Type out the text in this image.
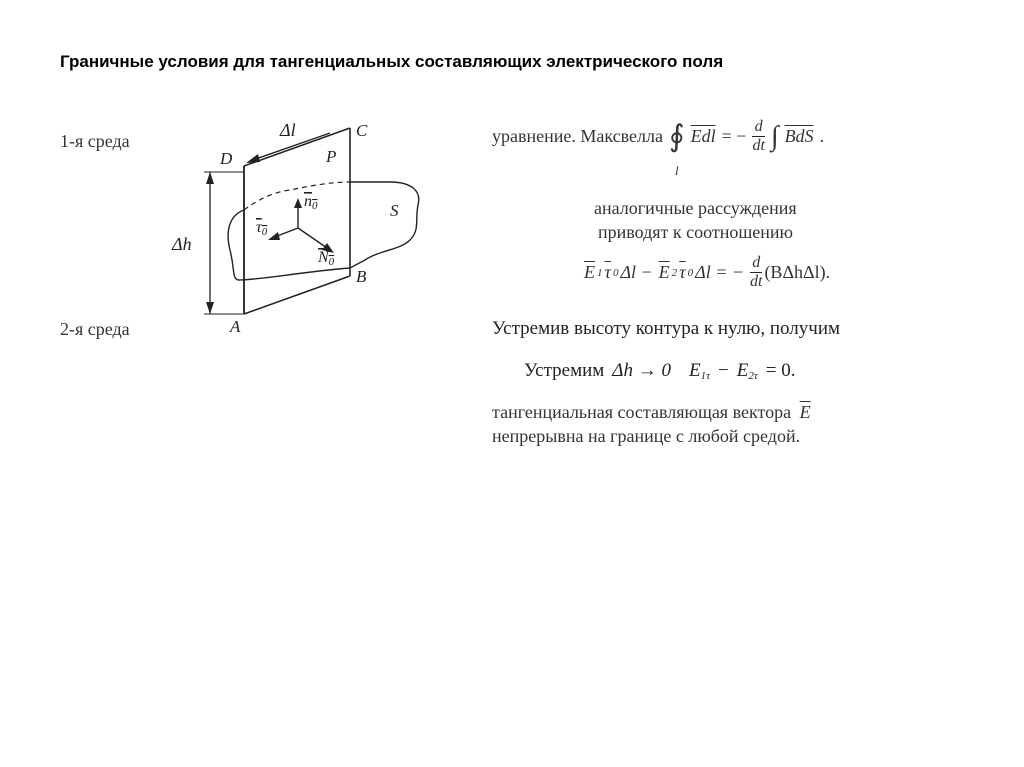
Граничные условия для тангенциальных составляющих электрического поля
1-я среда
2-я среда
D
C
A
B
P
S
Δl
Δh
n0
τ0
N0
уравнение. Максвелла ∮
l
$\overline{Edl}$ = − $\frac{d}{dt}$ ∫ $\overline{BdS}$ .
аналогичные рассуждения
приводят к соотношению
$\overline{E}$ 1 $\overline{\tau}$ 0 $\Delta l - \overline{E}$ 2 $\overline{\tau}$ 0 Δl = − $\frac{d}{dt} (B\Delta h\Delta l)$.
Устремив высоту контура к нулю, получим
Устремим Δh → 0 $E_{1\tau} - E_{2\tau} = 0$.
тангенциальная составляющая вектора $\overline{E}$
непрерывна на границе с любой средой.
